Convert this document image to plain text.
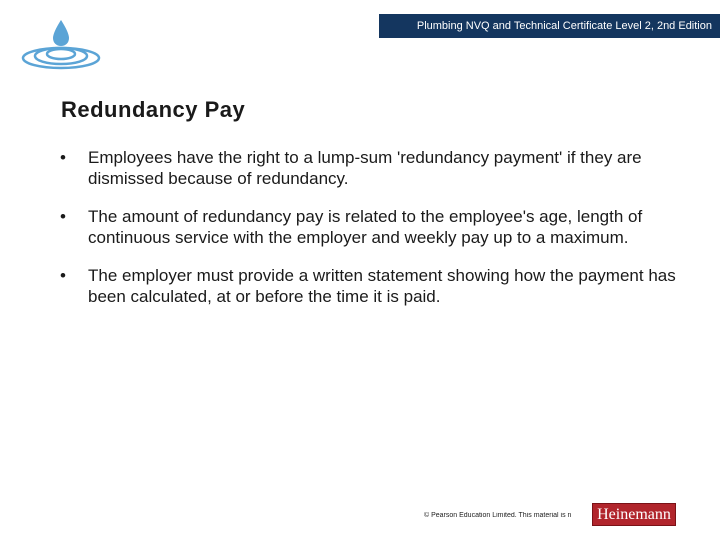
Plumbing NVQ and Technical Certificate Level 2, 2nd Edition
Redundancy Pay
•	Employees have the right to a lump-sum 'redundancy payment' if they are dismissed because of redundancy.
•	The amount of redundancy pay is related to the employee's age, length of continuous service with the employer and weekly pay up to a maximum.
•	The employer must provide a written statement showing how the payment has been calculated, at or before the time it is paid.
© Pearson Education Limited. This material is n	Heinemann
